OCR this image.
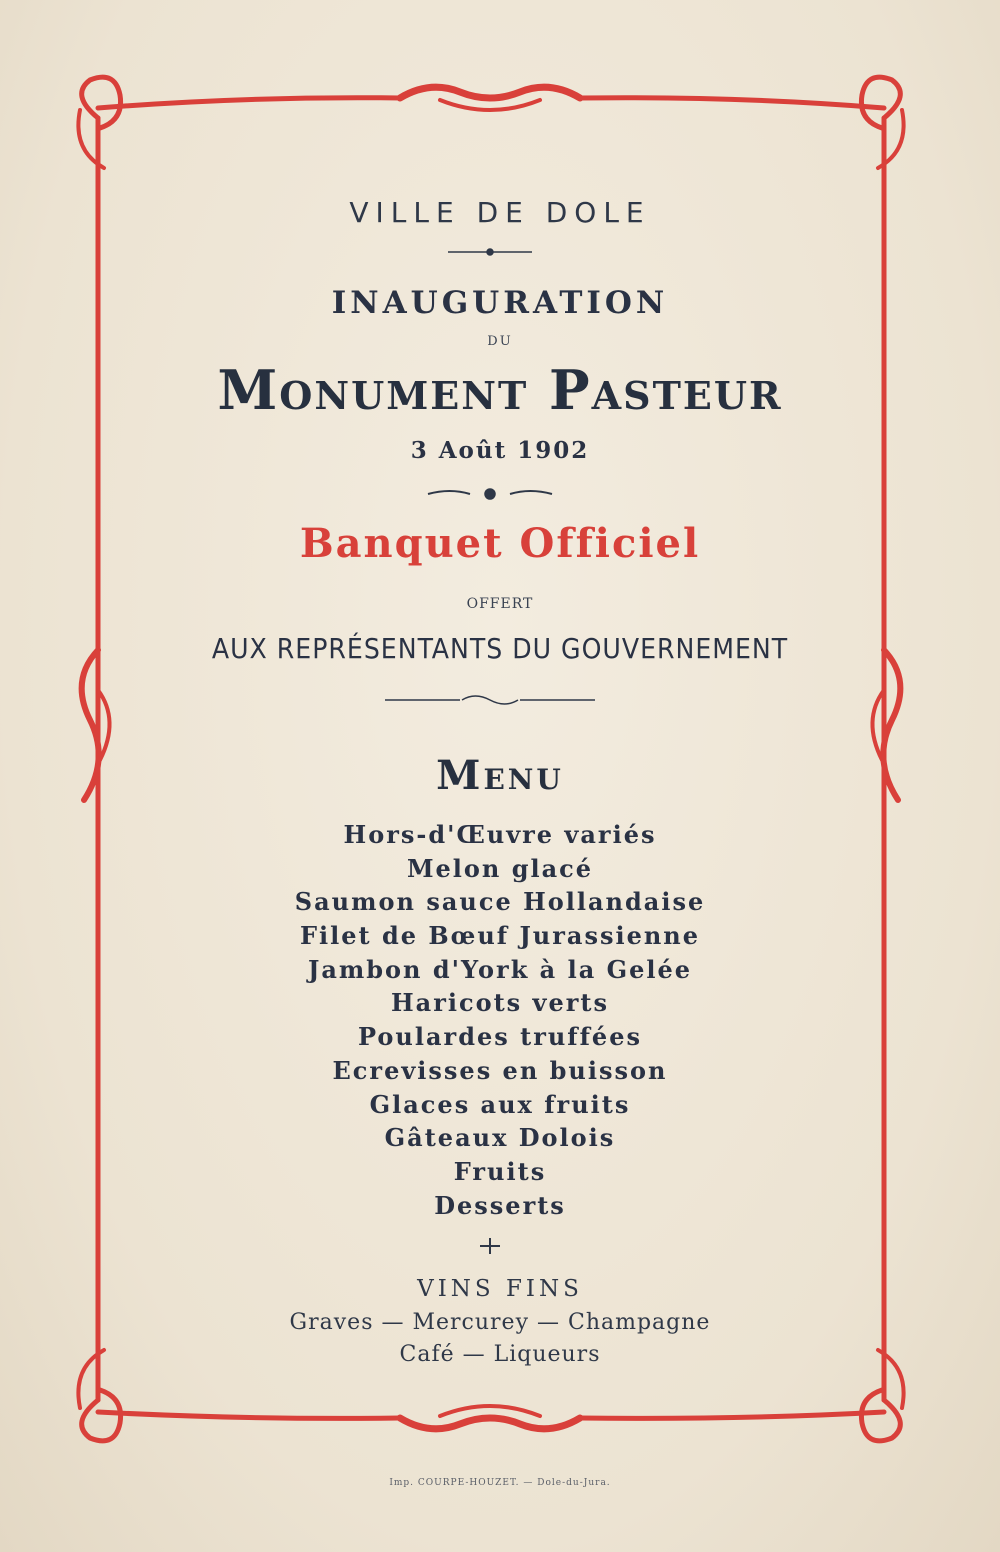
VILLE DE DOLE
INAUGURATION
DU
Monument Pasteur
3 Août 1902
Banquet Officiel
OFFERT
AUX REPRÉSENTANTS DU GOUVERNEMENT
Menu
Hors-d'Œuvre variés
Melon glacé
Saumon sauce Hollandaise
Filet de Bœuf Jurassienne
Jambon d'York à la Gelée
Haricots verts
Poulardes truffées
Ecrevisses en buisson
Glaces aux fruits
Gâteaux Dolois
Fruits
Desserts
VINS FINS
Graves — Mercurey — Champagne
Café — Liqueurs
Imp. COURPE-HOUZET. — Dole-du-Jura.
